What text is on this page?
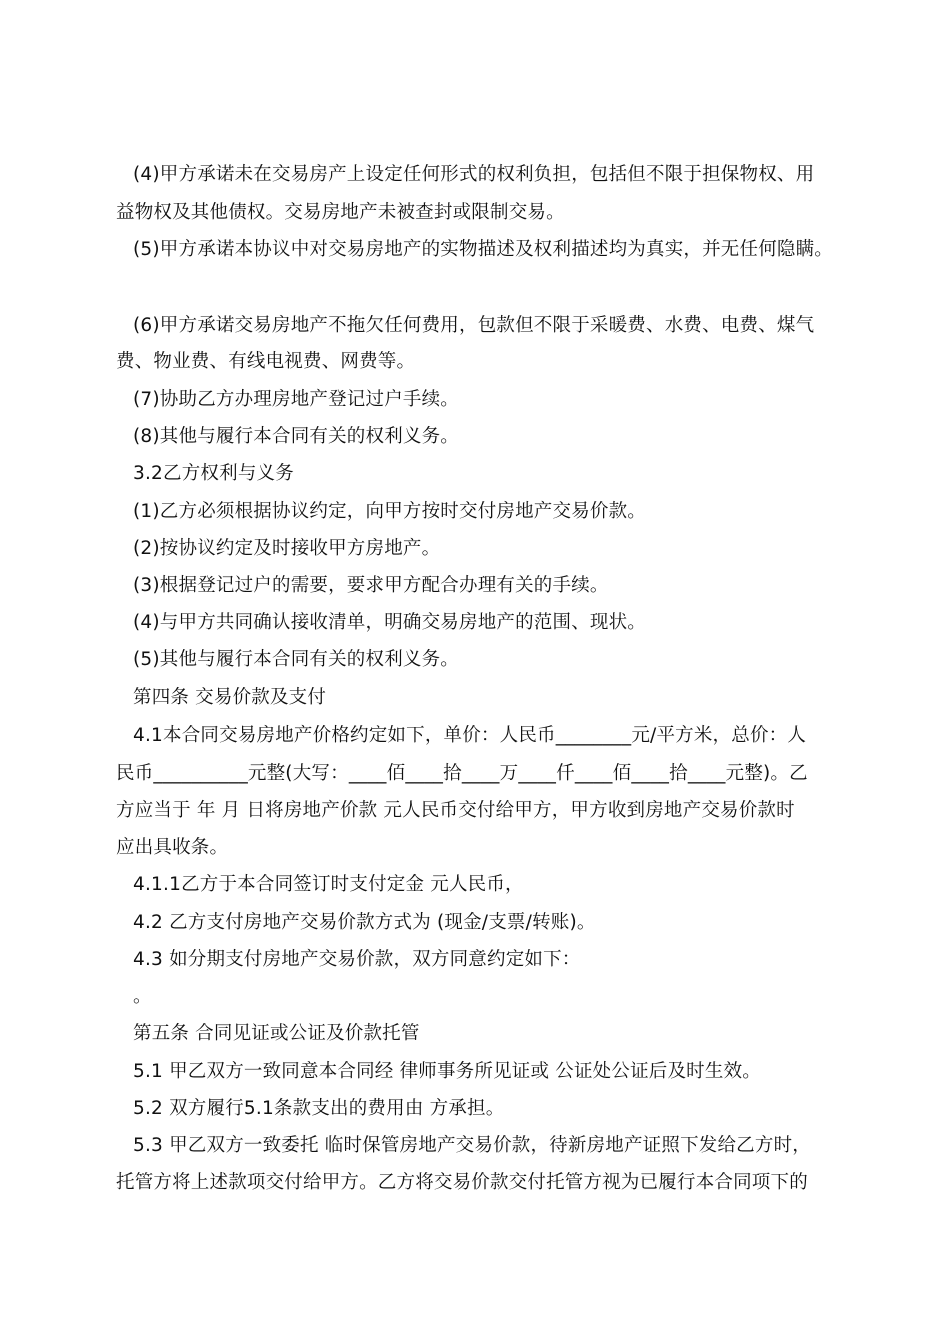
(4)甲方承诺未在交易房产上设定任何形式的权利负担，包括但不限于担保物权、用
益物权及其他债权。交易房地产未被查封或限制交易。
(5)甲方承诺本协议中对交易房地产的实物描述及权利描述均为真实，并无任何隐瞒。
(6)甲方承诺交易房地产不拖欠任何费用，包款但不限于采暖费、水费、电费、煤气
费、物业费、有线电视费、网费等。
(7)协助乙方办理房地产登记过户手续。
(8)其他与履行本合同有关的权利义务。
3.2乙方权利与义务
(1)乙方必须根据协议约定，向甲方按时交付房地产交易价款。
(2)按协议约定及时接收甲方房地产。
(3)根据登记过户的需要，要求甲方配合办理有关的手续。
(4)与甲方共同确认接收清单，明确交易房地产的范围、现状。
(5)其他与履行本合同有关的权利义务。
第四条 交易价款及支付
4.1本合同交易房地产价格约定如下，单价：人民币________元/平方米，总价：人
民币__________元整(大写：____佰____拾____万____仟____佰____拾____元整)。乙
方应当于 年 月 日将房地产价款 元人民币交付给甲方，甲方收到房地产交易价款时
应出具收条。
4.1.1乙方于本合同签订时支付定金 元人民币，
4.2 乙方支付房地产交易价款方式为 (现金/支票/转账)。
4.3 如分期支付房地产交易价款，双方同意约定如下：
。
第五条 合同见证或公证及价款托管
5.1 甲乙双方一致同意本合同经 律师事务所见证或 公证处公证后及时生效。
5.2 双方履行5.1条款支出的费用由 方承担。
5.3 甲乙双方一致委托 临时保管房地产交易价款，待新房地产证照下发给乙方时，
托管方将上述款项交付给甲方。乙方将交易价款交付托管方视为已履行本合同项下的
